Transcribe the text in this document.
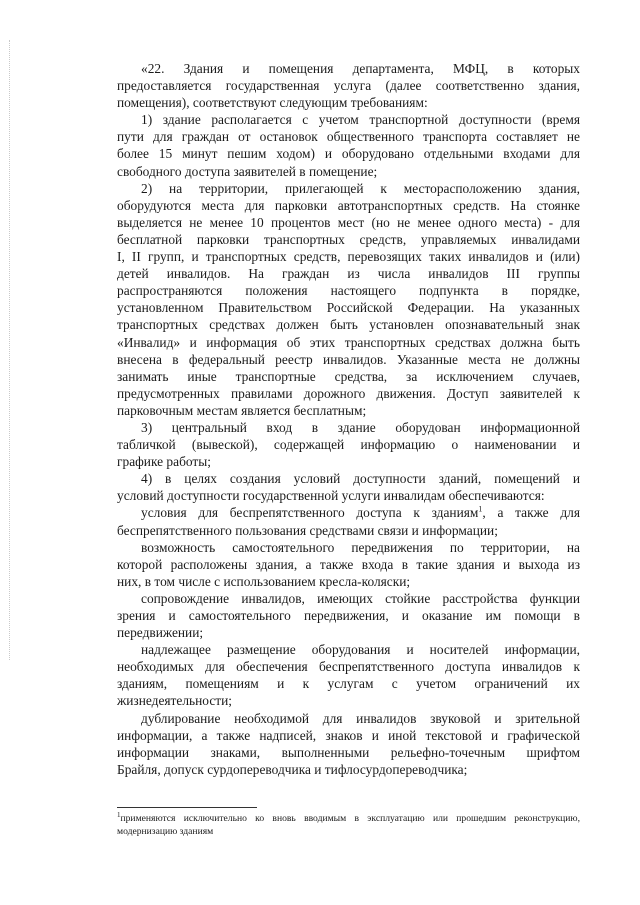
«22. Здания и помещения департамента, МФЦ, в которых
предоставляется государственная услуга (далее соответственно здания,
помещения), соответствуют следующим требованиям:
1) здание располагается с учетом транспортной доступности (время
пути для граждан от остановок общественного транспорта составляет не
более 15 минут пешим ходом) и оборудовано отдельными входами для
свободного доступа заявителей в помещение;
2) на территории, прилегающей к месторасположению здания,
оборудуются места для парковки автотранспортных средств. На стоянке
выделяется не менее 10 процентов мест (но не менее одного места) - для
бесплатной парковки транспортных средств, управляемых инвалидами
I, II групп, и транспортных средств, перевозящих таких инвалидов и (или)
детей инвалидов. На граждан из числа инвалидов III группы
распространяются положения настоящего подпункта в порядке,
установленном Правительством Российской Федерации. На указанных
транспортных средствах должен быть установлен опознавательный знак
«Инвалид» и информация об этих транспортных средствах должна быть
внесена в федеральный реестр инвалидов. Указанные места не должны
занимать иные транспортные средства, за исключением случаев,
предусмотренных правилами дорожного движения. Доступ заявителей к
парковочным местам является бесплатным;
3) центральный вход в здание оборудован информационной
табличкой (вывеской), содержащей информацию о наименовании и
графике работы;
4) в целях создания условий доступности зданий, помещений и
условий доступности государственной услуги инвалидам обеспечиваются:
условия для беспрепятственного доступа к зданиям$^1$, а также для
беспрепятственного пользования средствами связи и информации;
возможность самостоятельного передвижения по территории, на
которой расположены здания, а также входа в такие здания и выхода из
них, в том числе с использованием кресла-коляски;
сопровождение инвалидов, имеющих стойкие расстройства функции
зрения и самостоятельного передвижения, и оказание им помощи в
передвижении;
надлежащее размещение оборудования и носителей информации,
необходимых для обеспечения беспрепятственного доступа инвалидов к
зданиям, помещениям и к услугам с учетом ограничений их
жизнедеятельности;
дублирование необходимой для инвалидов звуковой и зрительной
информации, а также надписей, знаков и иной текстовой и графической
информации знаками, выполненными рельефно-точечным шрифтом
Брайля, допуск сурдопереводчика и тифлосурдопереводчика;
$^1$применяются исключительно ко вновь вводимым в эксплуатацию или прошедшим реконструкцию,
модернизацию зданиям
